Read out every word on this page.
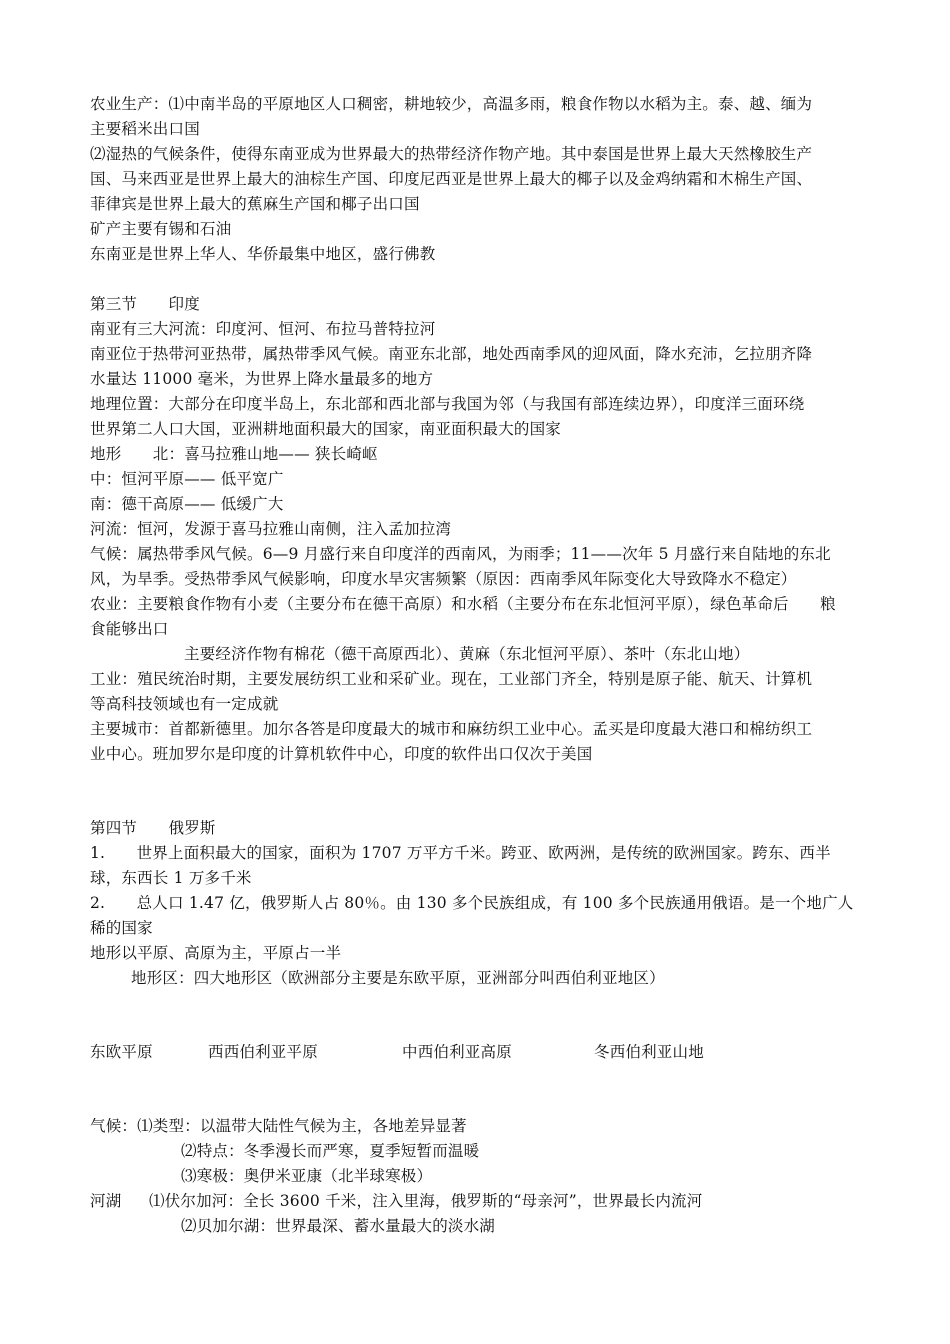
农业生产：⑴中南半岛的平原地区人口稠密，耕地较少，高温多雨，粮食作物以水稻为主。泰、越、缅为
主要稻米出口国
⑵湿热的气候条件，使得东南亚成为世界最大的热带经济作物产地。其中泰国是世界上最大天然橡胶生产
国、马来西亚是世界上最大的油棕生产国、印度尼西亚是世界上最大的椰子以及金鸡纳霜和木棉生产国、
菲律宾是世界上最大的蕉麻生产国和椰子出口国
矿产主要有锡和石油
东南亚是世界上华人、华侨最集中地区，盛行佛教
第三节　　印度
南亚有三大河流：印度河、恒河、布拉马普特拉河
南亚位于热带河亚热带，属热带季风气候。南亚东北部，地处西南季风的迎风面，降水充沛，乞拉朋齐降
水量达 11000 毫米，为世界上降水量最多的地方
地理位置：大部分在印度半岛上，东北部和西北部与我国为邻（与我国有部连续边界），印度洋三面环绕
世界第二人口大国，亚洲耕地面积最大的国家，南亚面积最大的国家
地形　　北：喜马拉雅山地—— 狭长崎岖
中：恒河平原—— 低平宽广
南：德干高原—— 低缓广大
河流：恒河，发源于喜马拉雅山南侧，注入孟加拉湾
气候：属热带季风气候。6—9 月盛行来自印度洋的西南风，为雨季；11——次年 5 月盛行来自陆地的东北
风，为旱季。受热带季风气候影响，印度水旱灾害频繁（原因：西南季风年际变化大导致降水不稳定）
农业：主要粮食作物有小麦（主要分布在德干高原）和水稻（主要分布在东北恒河平原），绿色革命后　　粮
食能够出口
主要经济作物有棉花（德干高原西北）、黄麻（东北恒河平原）、茶叶（东北山地）
工业：殖民统治时期，主要发展纺织工业和采矿业。现在，工业部门齐全，特别是原子能、航天、计算机
等高科技领域也有一定成就
主要城市：首都新德里。加尔各答是印度最大的城市和麻纺织工业中心。孟买是印度最大港口和棉纺织工
业中心。班加罗尔是印度的计算机软件中心，印度的软件出口仅次于美国
第四节　　俄罗斯
1.　　世界上面积最大的国家，面积为 1707 万平方千米。跨亚、欧两洲，是传统的欧洲国家。跨东、西半
球，东西长 1 万多千米
2.　　总人口 1.47 亿，俄罗斯人占 80％。由 130 多个民族组成，有 100 多个民族通用俄语。是一个地广人
稀的国家
地形以平原、高原为主，平原占一半
地形区：四大地形区（欧洲部分主要是东欧平原，亚洲部分叫西伯利亚地区）
东欧平原	西西伯利亚平原	中西伯利亚高原	冬西伯利亚山地
气候：⑴类型：以温带大陆性气候为主，各地差异显著
⑵特点：冬季漫长而严寒，夏季短暂而温暖
⑶寒极：奥伊米亚康（北半球寒极）
河湖 ⑴伏尔加河：全长 3600 千米，注入里海，俄罗斯的“母亲河”，世界最长内流河
⑵贝加尔湖：世界最深、蓄水量最大的淡水湖
